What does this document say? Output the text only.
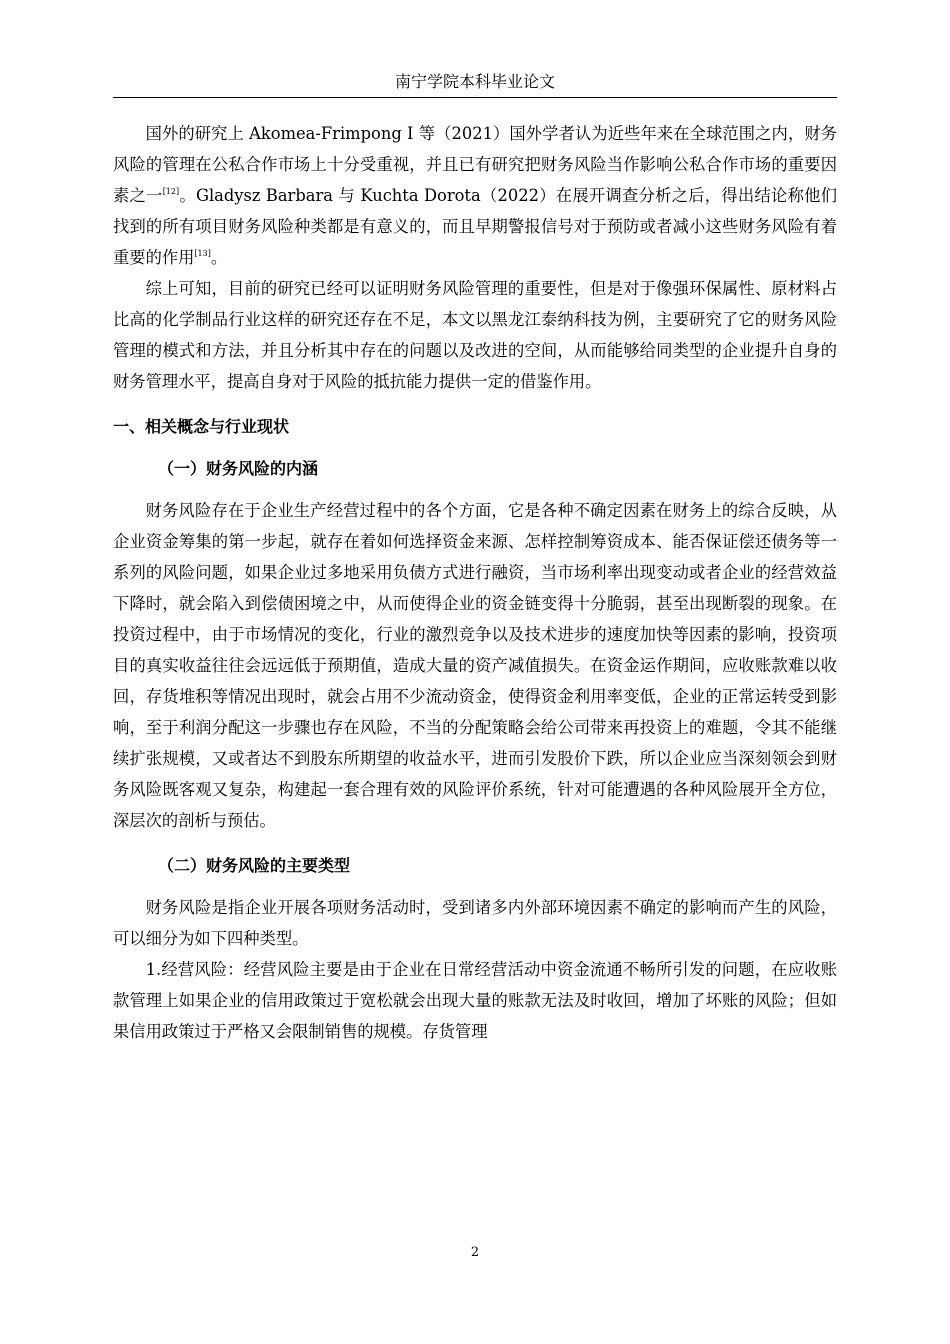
南宁学院本科毕业论文

国外的研究上 Akomea-Frimpong I 等（2021）国外学者认为近些年来在全球范围之内，财务风险的管理在公私合作市场上十分受重视，并且已有研究把财务风险当作影响公私合作市场的重要因素之一[12]。Gladysz Barbara 与 Kuchta Dorota（2022）在展开调查分析之后，得出结论称他们找到的所有项目财务风险种类都是有意义的，而且早期警报信号对于预防或者减小这些财务风险有着重要的作用[13]。

综上可知，目前的研究已经可以证明财务风险管理的重要性，但是对于像强环保属性、原材料占比高的化学制品行业这样的研究还存在不足，本文以黑龙江泰纳科技为例，主要研究了它的财务风险管理的模式和方法，并且分析其中存在的问题以及改进的空间，从而能够给同类型的企业提升自身的财务管理水平，提高自身对于风险的抵抗能力提供一定的借鉴作用。

一、相关概念与行业现状
（一）财务风险的内涵

财务风险存在于企业生产经营过程中的各个方面，它是各种不确定因素在财务上的综合反映，从企业资金筹集的第一步起，就存在着如何选择资金来源、怎样控制筹资成本、能否保证偿还债务等一系列的风险问题，如果企业过多地采用负债方式进行融资，当市场利率出现变动或者企业的经营效益下降时，就会陷入到偿债困境之中，从而使得企业的资金链变得十分脆弱，甚至出现断裂的现象。在投资过程中，由于市场情况的变化，行业的激烈竞争以及技术进步的速度加快等因素的影响，投资项目的真实收益往往会远远低于预期值，造成大量的资产减值损失。在资金运作期间，应收账款难以收回，存货堆积等情况出现时，就会占用不少流动资金，使得资金利用率变低，企业的正常运转受到影响，至于利润分配这一步骤也存在风险，不当的分配策略会给公司带来再投资上的难题，令其不能继续扩张规模，又或者达不到股东所期望的收益水平，进而引发股价下跌，所以企业应当深刻领会到财务风险既客观又复杂，构建起一套合理有效的风险评价系统，针对可能遭遇的各种风险展开全方位，深层次的剖析与预估。

（二）财务风险的主要类型

财务风险是指企业开展各项财务活动时，受到诸多内外部环境因素不确定的影响而产生的风险，可以细分为如下四种类型。

1.经营风险：经营风险主要是由于企业在日常经营活动中资金流通不畅所引发的问题，在应收账款管理上如果企业的信用政策过于宽松就会出现大量的账款无法及时收回，增加了坏账的风险；但如果信用政策过于严格又会限制销售的规模。存货管理

2
